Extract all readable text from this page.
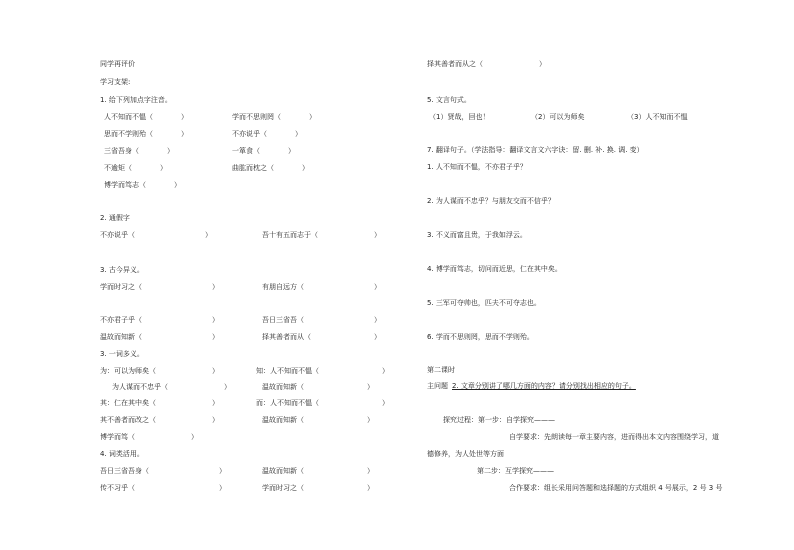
同学再评价
学习支架:
1. 给下列加点字注音。
人不知而不愠（　　　　）	学而不思则罔（　　　　）
思而不学则殆（　　　　）	不亦说乎（　　　　）
三省吾身（　　　　）	一箪食（　　　　）
不逾矩（　　　　）	曲肱而枕之（　　　　）
博学而笃志（　　　　）
2. 通假字
不亦说乎（　　　　　　　　　　）	吾十有五而志于（　　　　　　　　）
3. 古今异义。
学而时习之（　　　　　　　　　　）	有朋自远方（　　　　　　　　　　）
不亦君子乎（　　　　　　　　　　）	吾日三省吾（　　　　　　　　　　）
温故而知新（　　　　　　　　　　）	择其善者而从（　　　　　　　　　）
3. 一词多义。
为：可以为师矣（　　　　　　　　）	知：人不知而不愠（　　　　　　　　　）
为人谋而不忠乎（　　　　　　　　）	温故而知新（　　　　　　　　　）
其：仁在其中矣（　　　　　　　　）	而：人不知而不愠（　　　　　　　　　）
其不善者而改之（　　　　　　　　）	温故而知新（　　　　　　　　　）
博学而笃（　　　　　　　　）
4. 词类活用。
吾日三省吾身（　　　　　　　　　　）	温故而知新（　　　　　　　　　）
传不习乎（　　　　　　　　　　　　）	学而时习之（　　　　　　　　　）
择其善者而从之（　　　　　　　　）
5. 文言句式。
（1）贤哉，回也！	（2）可以为师矣	（3）人不知而不愠
7. 翻译句子。（学法指导：翻译文言文六字诀：留. 删. 补. 换. 调. 变）
1. 人不知而不愠，不亦君子乎？
2. 为人谋而不忠乎？与朋友交而不信乎？
3. 不义而富且贵，于我如浮云。
4. 博学而笃志，切问而近思，仁在其中矣。
5. 三军可夺帅也，匹夫不可夺志也。
6. 学而不思则罔，思而不学则殆。
第二课时
主问题 2. 文章分别讲了哪几方面的内容？请分别找出相应的句子。
探究过程：第一步：自学探究———
自学要求：先朗读每一章主要内容，进而得出本文内容围绕学习，道
德修养，为人处世等方面
第二步：互学探究———
合作要求：组长采用问答题和选择题的方式组织 4 号展示，2 号 3 号
